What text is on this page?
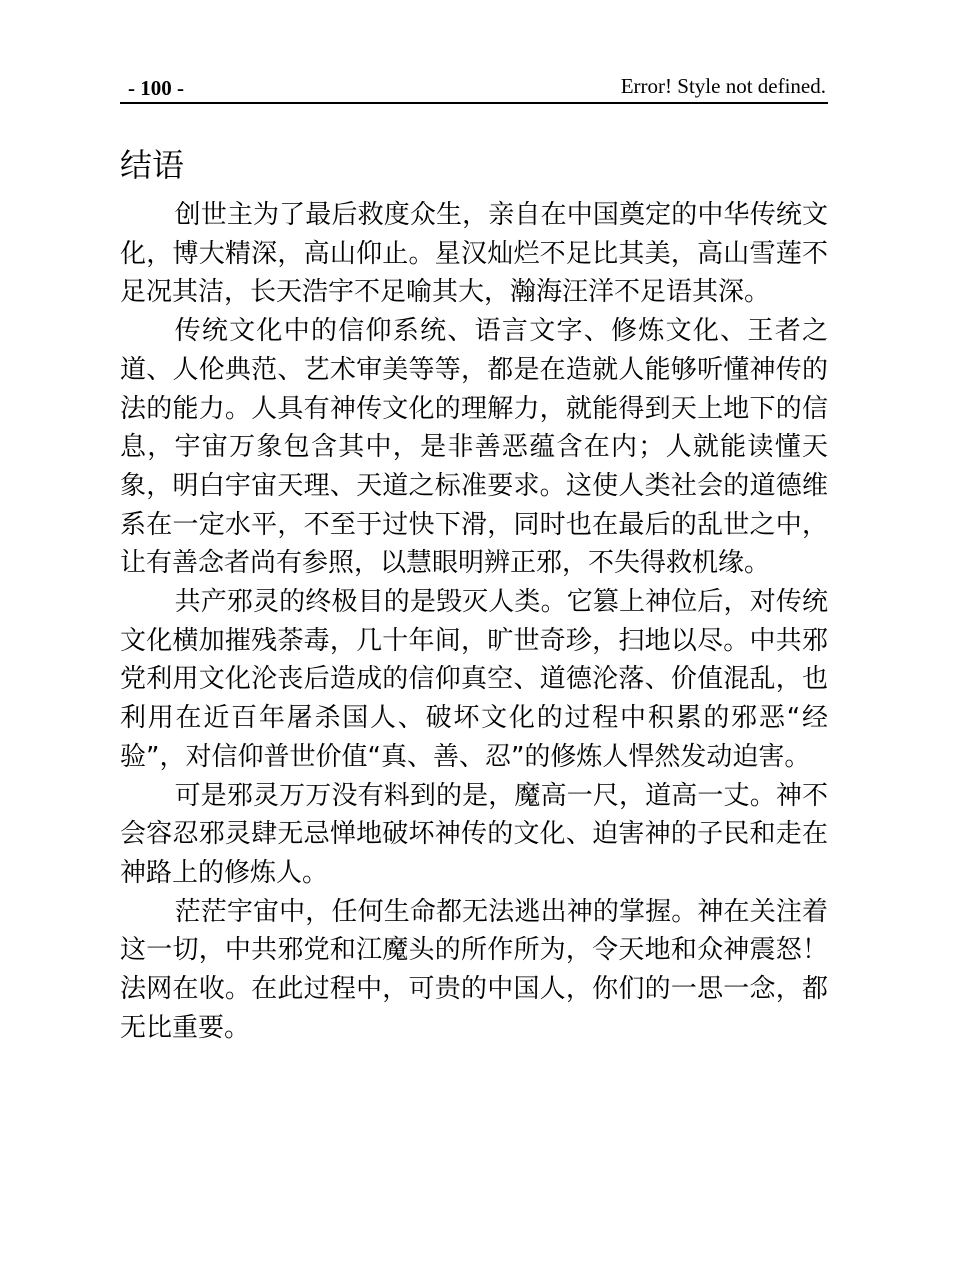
- 100 -	Error! Style not defined.
结语

创世主为了最后救度众生，亲自在中国奠定的中华传统文化，博大精深，高山仰止。星汉灿烂不足比其美，高山雪莲不足况其洁，长天浩宇不足喻其大，瀚海汪洋不足语其深。

传统文化中的信仰系统、语言文字、修炼文化、王者之道、人伦典范、艺术审美等等，都是在造就人能够听懂神传的法的能力。人具有神传文化的理解力，就能得到天上地下的信息，宇宙万象包含其中，是非善恶蕴含在内；人就能读懂天象，明白宇宙天理、天道之标准要求。这使人类社会的道德维系在一定水平，不至于过快下滑，同时也在最后的乱世之中，让有善念者尚有参照，以慧眼明辨正邪，不失得救机缘。

共产邪灵的终极目的是毁灭人类。它篡上神位后，对传统文化横加摧残荼毒，几十年间，旷世奇珍，扫地以尽。中共邪党利用文化沦丧后造成的信仰真空、道德沦落、价值混乱，也利用在近百年屠杀国人、破坏文化的过程中积累的邪恶“经验”，对信仰普世价值“真、善、忍”的修炼人悍然发动迫害。

可是邪灵万万没有料到的是，魔高一尺，道高一丈。神不会容忍邪灵肆无忌惮地破坏神传的文化、迫害神的子民和走在神路上的修炼人。

茫茫宇宙中，任何生命都无法逃出神的掌握。神在关注着这一切，中共邪党和江魔头的所作所为，令天地和众神震怒！法网在收。在此过程中，可贵的中国人，你们的一思一念，都无比重要。
